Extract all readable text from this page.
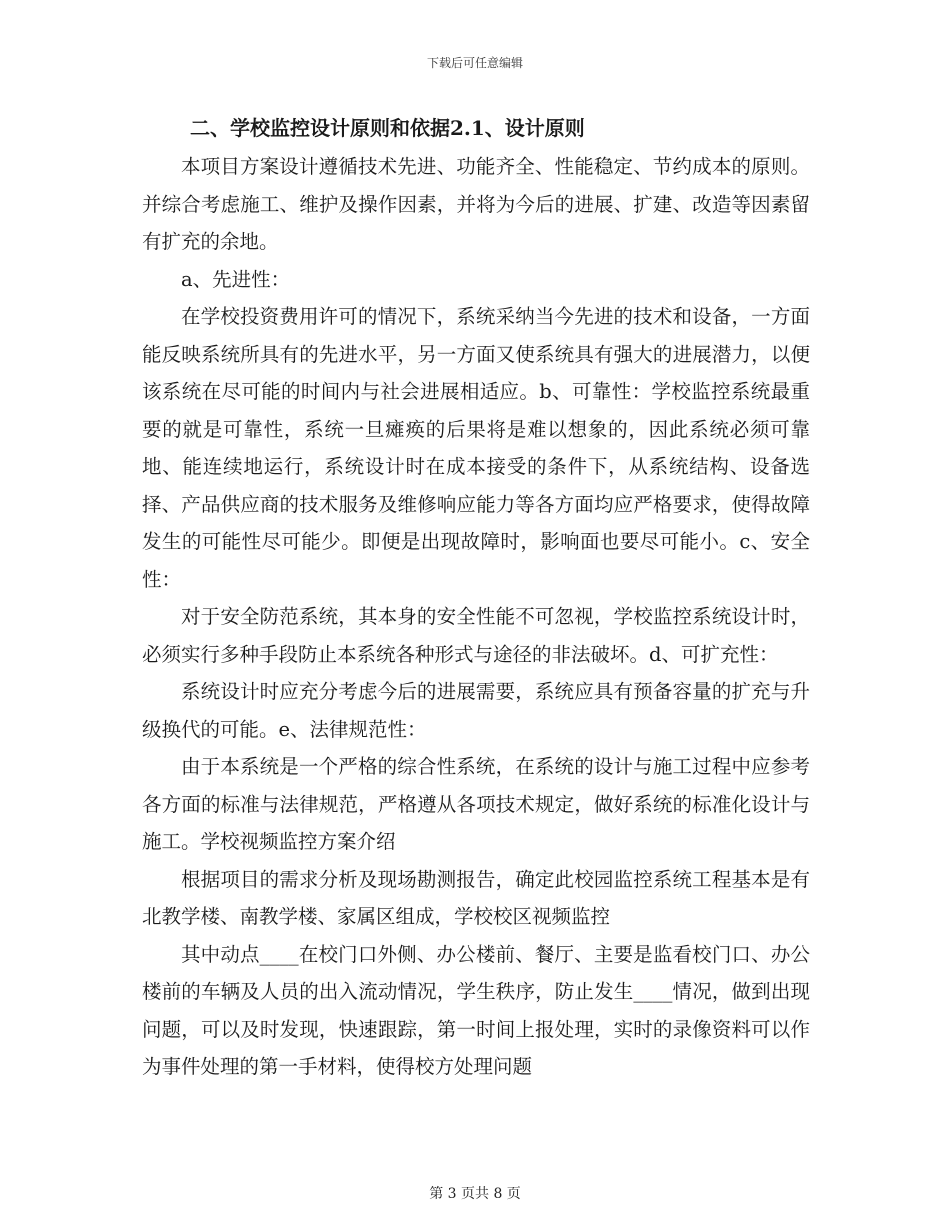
下载后可任意编辑
二、学校监控设计原则和依据2.1、设计原则

本项目方案设计遵循技术先进、功能齐全、性能稳定、节约成本的原则。并综合考虑施工、维护及操作因素，并将为今后的进展、扩建、改造等因素留有扩充的余地。

a、先进性：

在学校投资费用许可的情况下，系统采纳当今先进的技术和设备，一方面能反映系统所具有的先进水平，另一方面又使系统具有强大的进展潜力，以便该系统在尽可能的时间内与社会进展相适应。b、可靠性：学校监控系统最重要的就是可靠性，系统一旦瘫痪的后果将是难以想象的，因此系统必须可靠地、能连续地运行，系统设计时在成本接受的条件下，从系统结构、设备选择、产品供应商的技术服务及维修响应能力等各方面均应严格要求，使得故障发生的可能性尽可能少。即便是出现故障时，影响面也要尽可能小。c、安全性：

对于安全防范系统，其本身的安全性能不可忽视，学校监控系统设计时，必须实行多种手段防止本系统各种形式与途径的非法破坏。d、可扩充性：

系统设计时应充分考虑今后的进展需要，系统应具有预备容量的扩充与升级换代的可能。e、法律规范性：

由于本系统是一个严格的综合性系统，在系统的设计与施工过程中应参考各方面的标准与法律规范，严格遵从各项技术规定，做好系统的标准化设计与施工。学校视频监控方案介绍

根据项目的需求分析及现场勘测报告，确定此校园监控系统工程基本是有北教学楼、南教学楼、家属区组成，学校校区视频监控

其中动点____在校门口外侧、办公楼前、餐厅、主要是监看校门口、办公楼前的车辆及人员的出入流动情况，学生秩序，防止发生____情况，做到出现问题，可以及时发现，快速跟踪，第一时间上报处理，实时的录像资料可以作为事件处理的第一手材料，使得校方处理问题

第 3 页共 8 页
